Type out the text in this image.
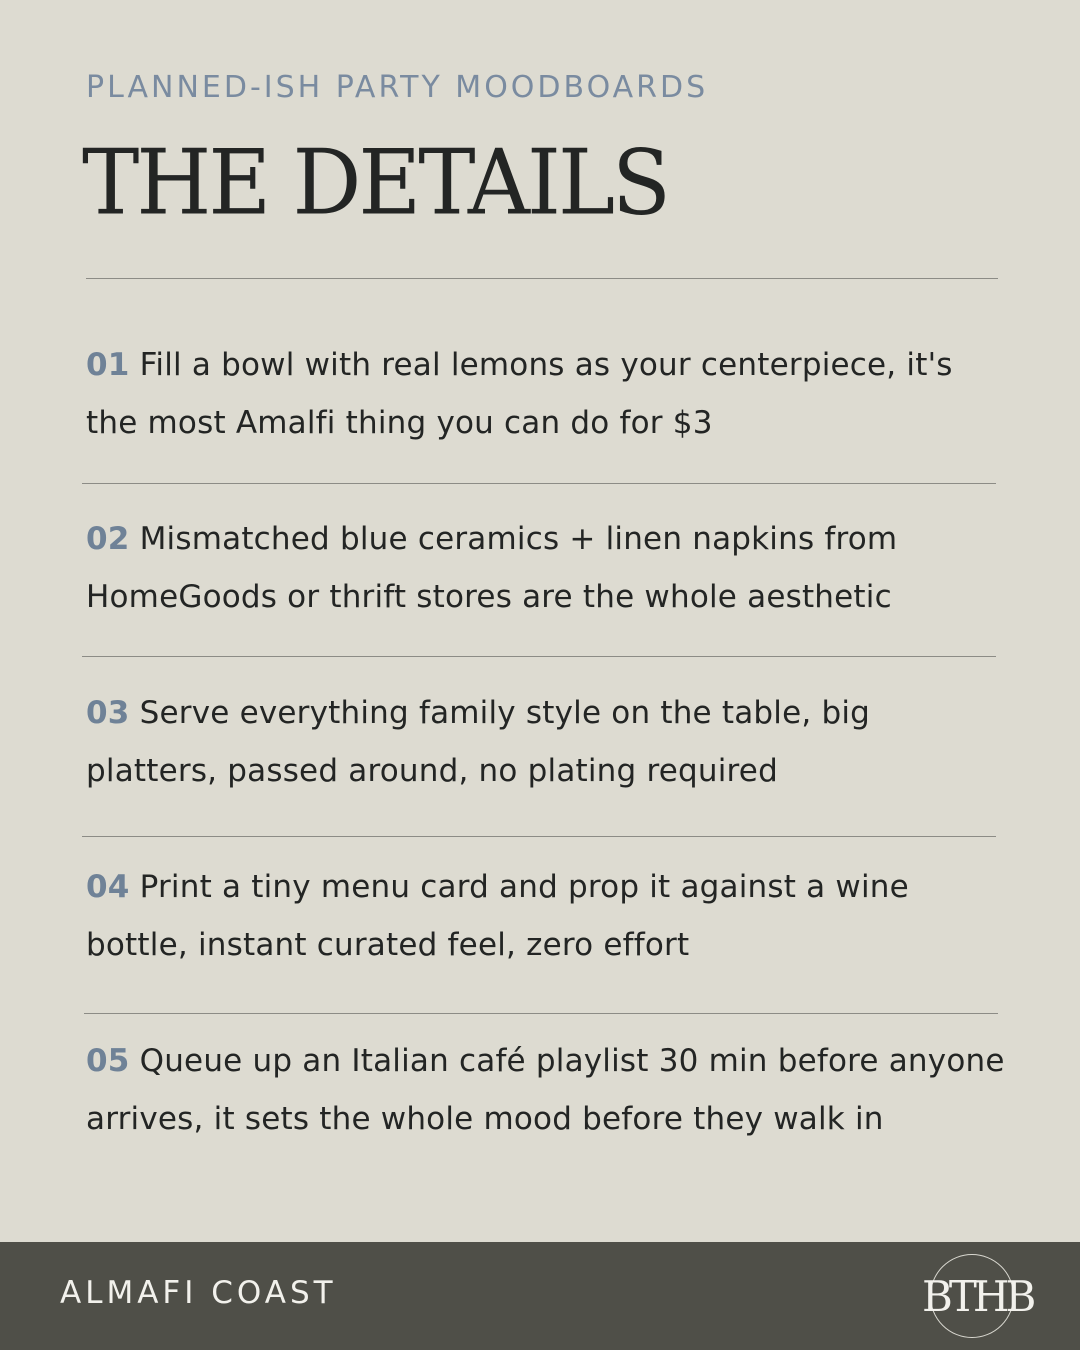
PLANNED-ISH PARTY MOODBOARDS
THE DETAILS
01 Fill a bowl with real lemons as your centerpiece, it's the most Amalfi thing you can do for $3
02 Mismatched blue ceramics + linen napkins from HomeGoods or thrift stores are the whole aesthetic
03 Serve everything family style on the table, big platters, passed around, no plating required
04 Print a tiny menu card and prop it against a wine bottle, instant curated feel, zero effort
05 Queue up an Italian café playlist 30 min before anyone arrives, it sets the whole mood before they walk in
ALMAFI COAST	BTHB
